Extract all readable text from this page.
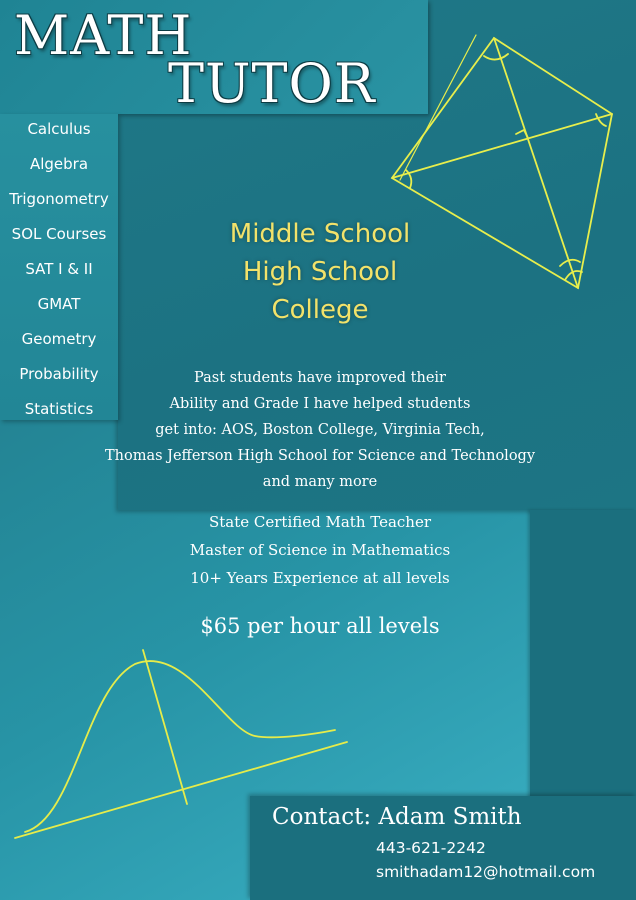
MATH
TUTOR
Calculus
Algebra
Trigonometry
SOL Courses
SAT I & II
GMAT
Geometry
Probability
Statistics
Middle School
High School
College
Past students have improved their
Ability and Grade I have helped students
get into: AOS, Boston College, Virginia Tech,
Thomas Jefferson High School for Science and Technology
and many more
State Certified Math Teacher
Master of Science in Mathematics
10+ Years Experience at all levels
$65 per hour all levels
Contact: Adam Smith
443-621-2242
smithadam12@hotmail.com
